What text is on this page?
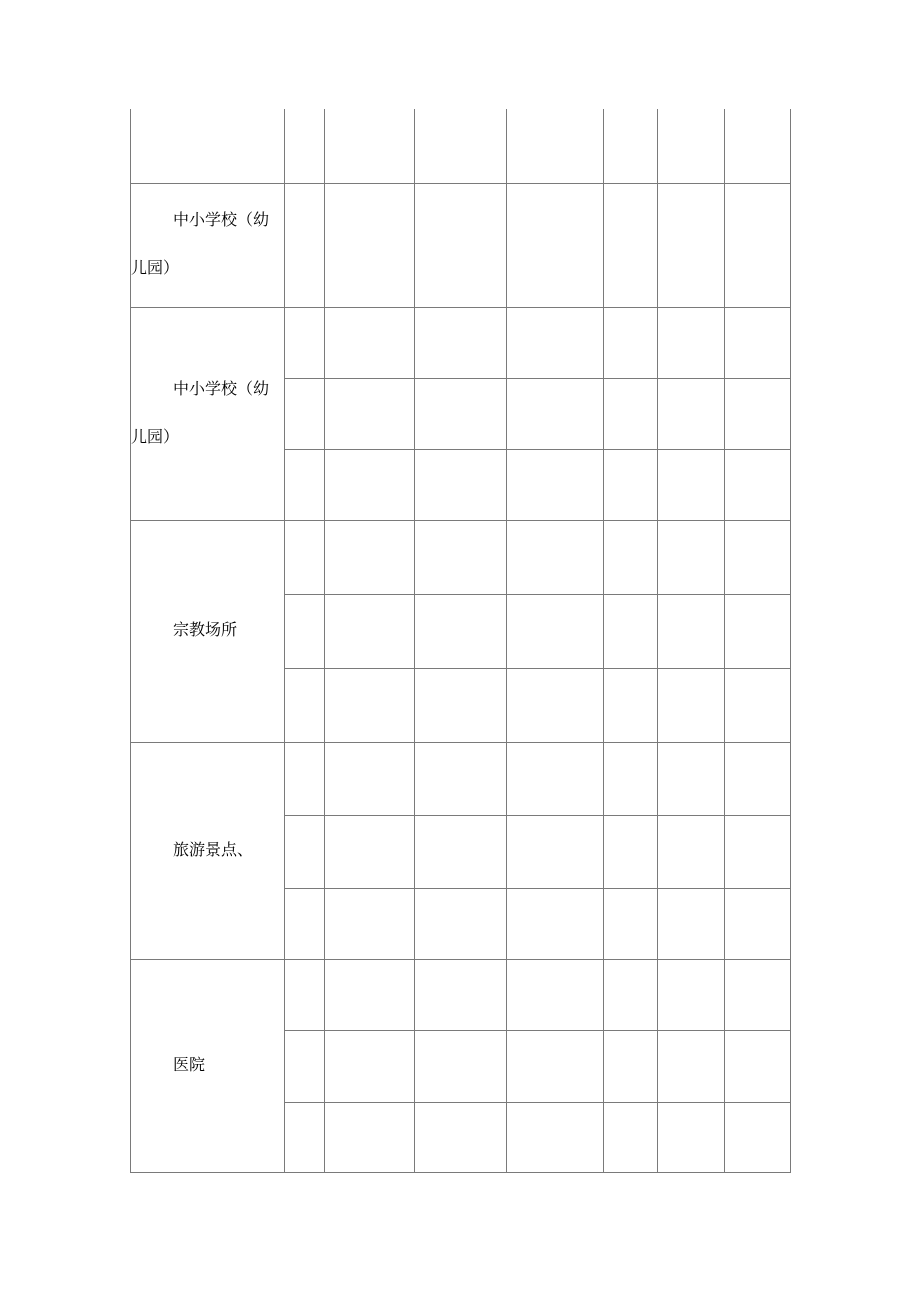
中小学校（幼
儿园）							

中小学校（幼
儿园）							

宗教场所							

旅游景点、							

医院							
